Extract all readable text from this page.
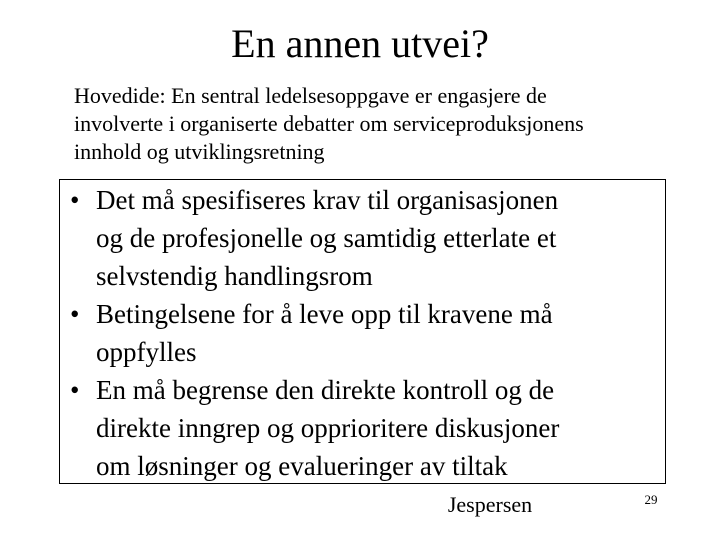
En annen utvei?
Hovedide: En sentral ledelsesoppgave er engasjere de
involverte i organiserte debatter om serviceproduksjonens
innhold og utviklingsretning
• Det må spesifiseres krav til organisasjonen
og de profesjonelle og samtidig etterlate et
selvstendig handlingsrom
• Betingelsene for å leve opp til kravene må
oppfylles
• En må begrense den direkte kontroll og de
direkte inngrep og opprioritere diskusjoner
om løsninger og evalueringer av tiltak
Jespersen	29
